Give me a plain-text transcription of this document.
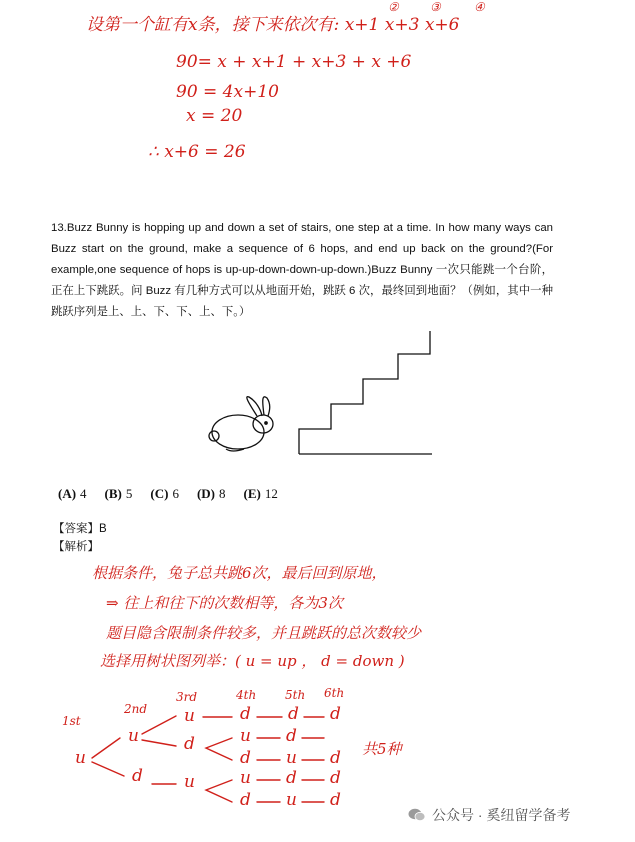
设第一个缸有x条，接下来依次有: x+1 x+3 x+6
②	③	④
90= x + x+1 + x+3 + x +6
90 = 4x+10
x = 20
∴ x+6 = 26
13.Buzz Bunny is hopping up and down a set of stairs, one step at a time. In how many ways can Buzz start on the ground, make a sequence of 6 hops, and end up back on the ground?(For example,one sequence of hops is up-up-down-down-up-down.)Buzz Bunny 一次只能跳一个台阶，正在上下跳跃。问 Buzz 有几种方式可以从地面开始，跳跃 6 次，最终回到地面？（例如，其中一种跳跃序列是上、上、下、下、上、下。）
(A) 4 (B) 5 (C) 6 (D) 8 (E) 12
【答案】B
【解析】
根据条件，兔子总共跳6次，最后回到原地，
⇒ 往上和往下的次数相等，各为3次
题目隐含限制条件较多，并且跳跃的总次数较少
选择用树状图列举：( u = up ， d = down )
1st
2nd
3rd	4th 5th 6th
u
u
d
u
d
u
d d d
u d
d u d
u d d
d u d
共5种
公众号 · 奚纽留学备考
